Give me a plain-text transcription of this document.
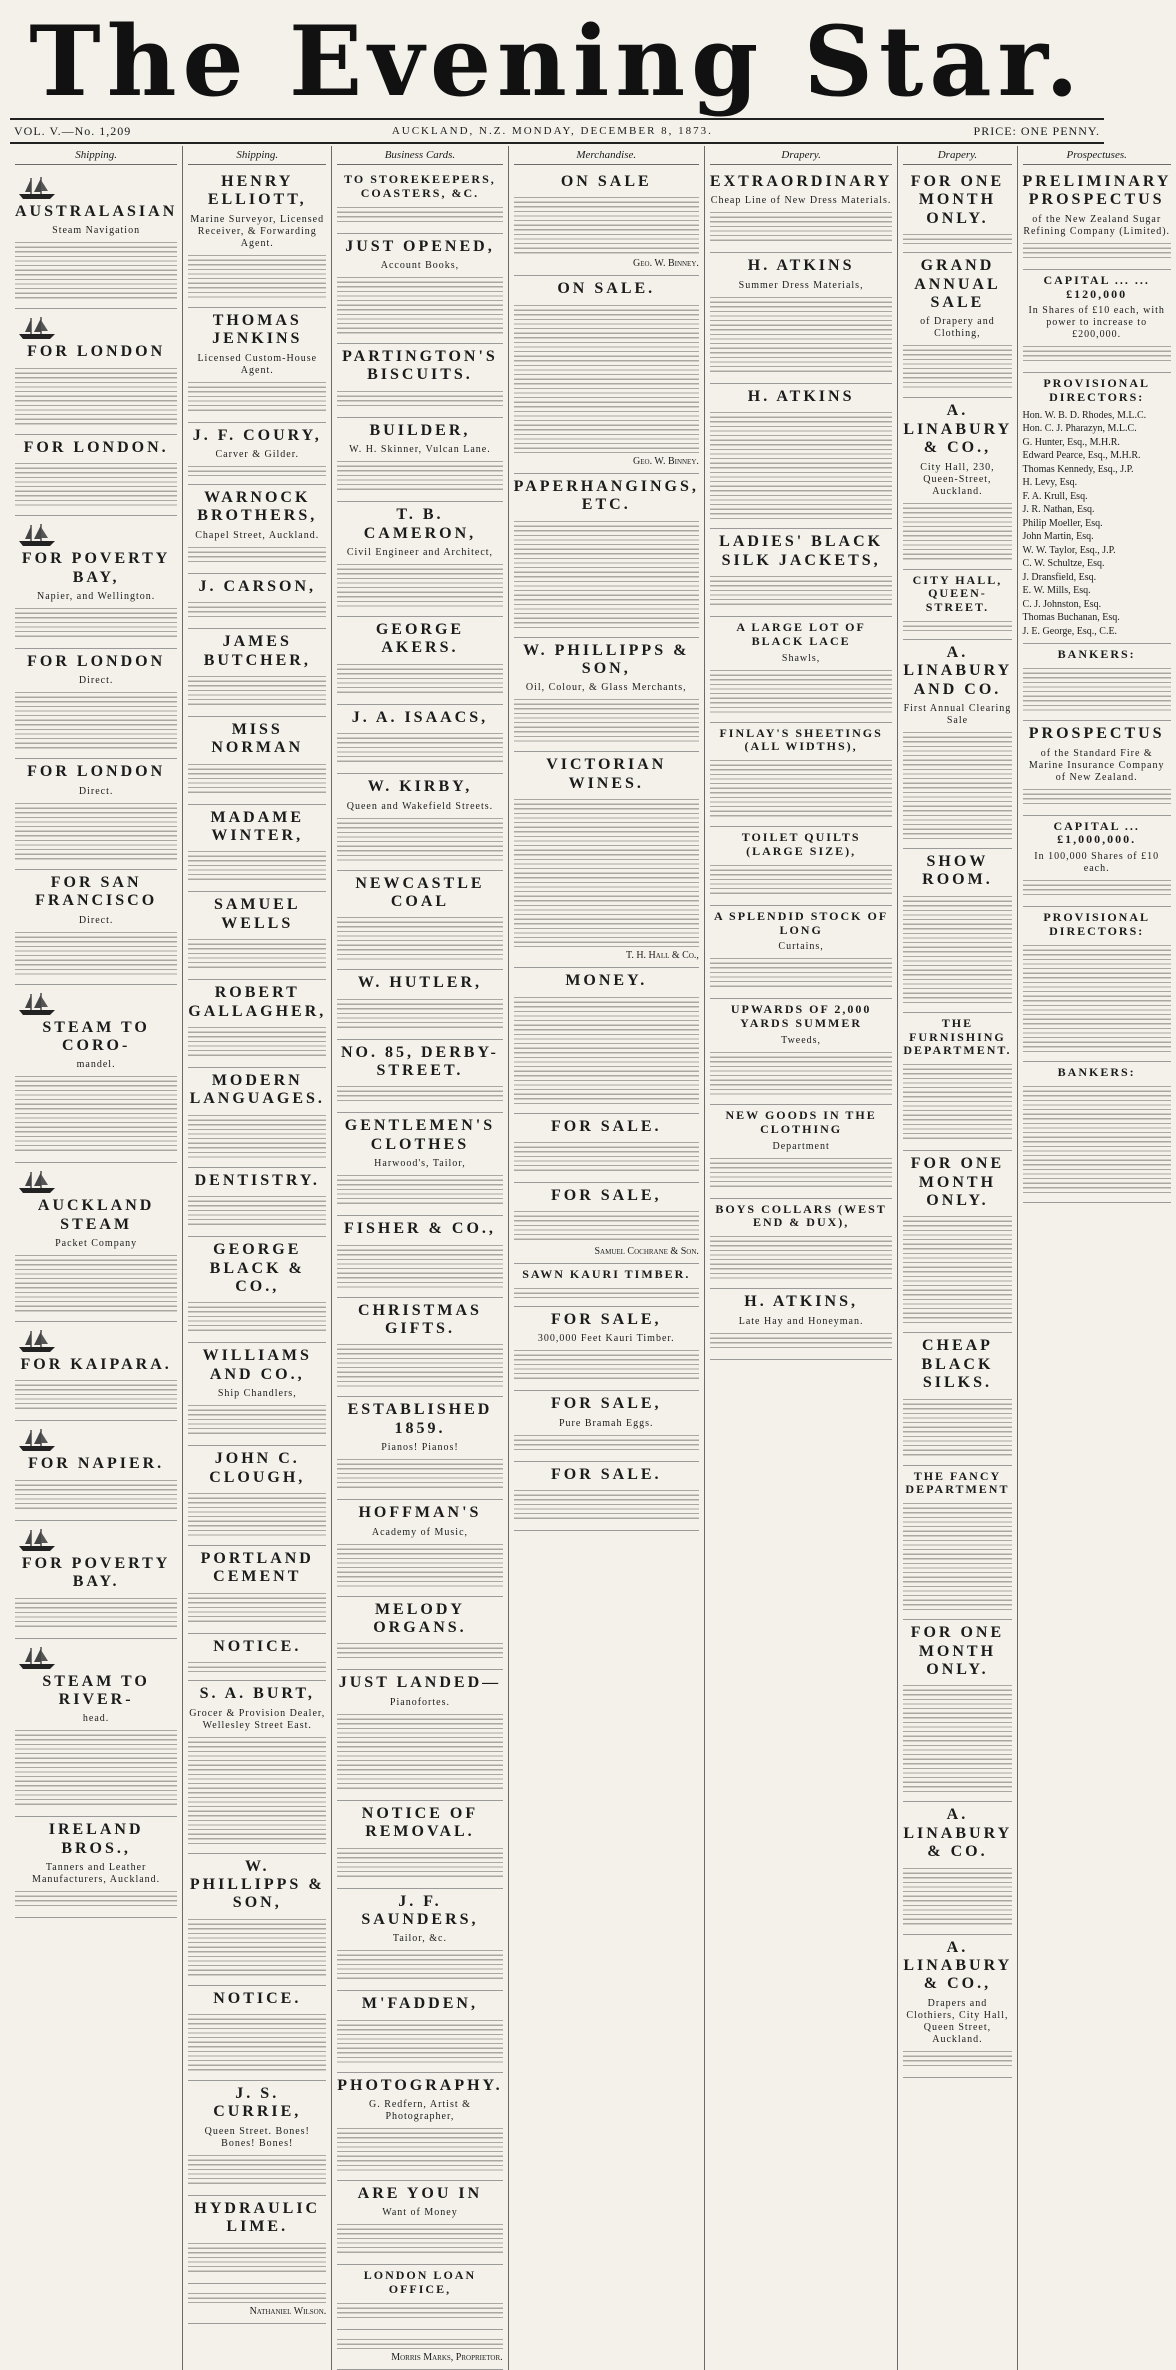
The Evening Star.
VOL. V.—No. 1,209	AUCKLAND, N.Z. MONDAY, DECEMBER 8, 1873.	PRICE: ONE PENNY.
Shipping.
AUSTRALASIAN
Steam Navigation
FOR LONDON
FOR LONDON.
FOR POVERTY BAY,
Napier, and Wellington.
FOR LONDON
Direct.
FOR LONDON
Direct.
FOR SAN FRANCISCO
Direct.
STEAM TO CORO-
mandel.
AUCKLAND STEAM
Packet Company
FOR KAIPARA.
FOR NAPIER.
FOR POVERTY BAY.
STEAM TO RIVER-
head.
IRELAND BROS.,
Tanners and Leather Manufacturers, Auckland.
Shipping.
HENRY ELLIOTT,
Marine Surveyor, Licensed Receiver, & Forwarding Agent.
THOMAS JENKINS
Licensed Custom-House Agent.
J. F. COURY,
Carver & Gilder.
WARNOCK BROTHERS,
Chapel Street, Auckland.
J. CARSON,
JAMES BUTCHER,
MISS NORMAN
MADAME WINTER,
SAMUEL WELLS
ROBERT GALLAGHER,
MODERN LANGUAGES.
DENTISTRY.
GEORGE BLACK & CO.,
WILLIAMS AND CO.,
Ship Chandlers,
JOHN C. CLOUGH,
PORTLAND CEMENT
NOTICE.
S. A. BURT,
Grocer & Provision Dealer, Wellesley Street East.
W. PHILLIPPS & SON,
NOTICE.
J. S. CURRIE,
Queen Street. Bones! Bones! Bones!
HYDRAULIC LIME.
Nathaniel Wilson.
Business Cards.
TO STOREKEEPERS, COASTERS, &C.
JUST OPENED,
Account Books,
PARTINGTON'S BISCUITS.
BUILDER,
W. H. Skinner, Vulcan Lane.
T. B. CAMERON,
Civil Engineer and Architect,
GEORGE AKERS.
J. A. ISAACS,
W. KIRBY,
Queen and Wakefield Streets.
NEWCASTLE COAL
W. HUTLER,
NO. 85, DERBY-STREET.
GENTLEMEN'S CLOTHES
Harwood's, Tailor,
FISHER & CO.,
CHRISTMAS GIFTS.
ESTABLISHED 1859.
Pianos! Pianos!
HOFFMAN'S
Academy of Music,
MELODY ORGANS.
JUST LANDED—
Pianofortes.
NOTICE OF REMOVAL.
J. F. SAUNDERS,
Tailor, &c.
M'FADDEN,
PHOTOGRAPHY.
G. Redfern, Artist & Photographer,
ARE YOU IN
Want of Money
LONDON LOAN OFFICE,
Morris Marks, Proprietor.
Merchandise.
ON SALE
Geo. W. Binney.
ON SALE.
Geo. W. Binney.
PAPERHANGINGS, ETC.
W. PHILLIPPS & SON,
Oil, Colour, & Glass Merchants,
VICTORIAN WINES.
T. H. Hall & Co.,
MONEY.
FOR SALE.
FOR SALE,
Samuel Cochrane & Son.
SAWN KAURI TIMBER.
FOR SALE,
300,000 Feet Kauri Timber.
FOR SALE,
Pure Bramah Eggs.
FOR SALE.
Drapery.
EXTRAORDINARY
Cheap Line of New Dress Materials.
H. ATKINS
Summer Dress Materials,
H. ATKINS
LADIES' BLACK SILK JACKETS,
A LARGE LOT OF BLACK LACE
Shawls,
FINLAY'S SHEETINGS (ALL WIDTHS),
TOILET QUILTS (LARGE SIZE),
A SPLENDID STOCK OF LONG
Curtains,
UPWARDS OF 2,000 YARDS SUMMER
Tweeds,
NEW GOODS IN THE CLOTHING
Department
BOYS COLLARS (WEST END & DUX),
H. ATKINS,
Late Hay and Honeyman.
Drapery.
FOR ONE MONTH ONLY.
GRAND ANNUAL SALE
of Drapery and Clothing,
A. LINABURY & CO.,
City Hall, 230, Queen-Street, Auckland.
CITY HALL, QUEEN-STREET.
A. LINABURY AND CO.
First Annual Clearing Sale
SHOW ROOM.
THE FURNISHING DEPARTMENT.
FOR ONE MONTH ONLY.
CHEAP BLACK SILKS.
THE FANCY DEPARTMENT
FOR ONE MONTH ONLY.
A. LINABURY & CO.
A. LINABURY & CO.,
Drapers and Clothiers, City Hall, Queen Street, Auckland.
Prospectuses.
PRELIMINARY PROSPECTUS
of the New Zealand Sugar Refining Company (Limited).
CAPITAL ... ... £120,000
In Shares of £10 each, with power to increase to £200,000.
PROVISIONAL DIRECTORS:
Hon. W. B. D. Rhodes, M.L.C.
Hon. C. J. Pharazyn, M.L.C.
G. Hunter, Esq., M.H.R.
Edward Pearce, Esq., M.H.R.
Thomas Kennedy, Esq., J.P.
H. Levy, Esq.
F. A. Krull, Esq.
J. R. Nathan, Esq.
Philip Moeller, Esq.
John Martin, Esq.
W. W. Taylor, Esq., J.P.
C. W. Schultze, Esq.
J. Dransfield, Esq.
E. W. Mills, Esq.
C. J. Johnston, Esq.
Thomas Buchanan, Esq.
J. E. George, Esq., C.E.
BANKERS:
PROSPECTUS
of the Standard Fire & Marine Insurance Company of New Zealand.
CAPITAL ... £1,000,000.
In 100,000 Shares of £10 each.
PROVISIONAL DIRECTORS:
BANKERS:
